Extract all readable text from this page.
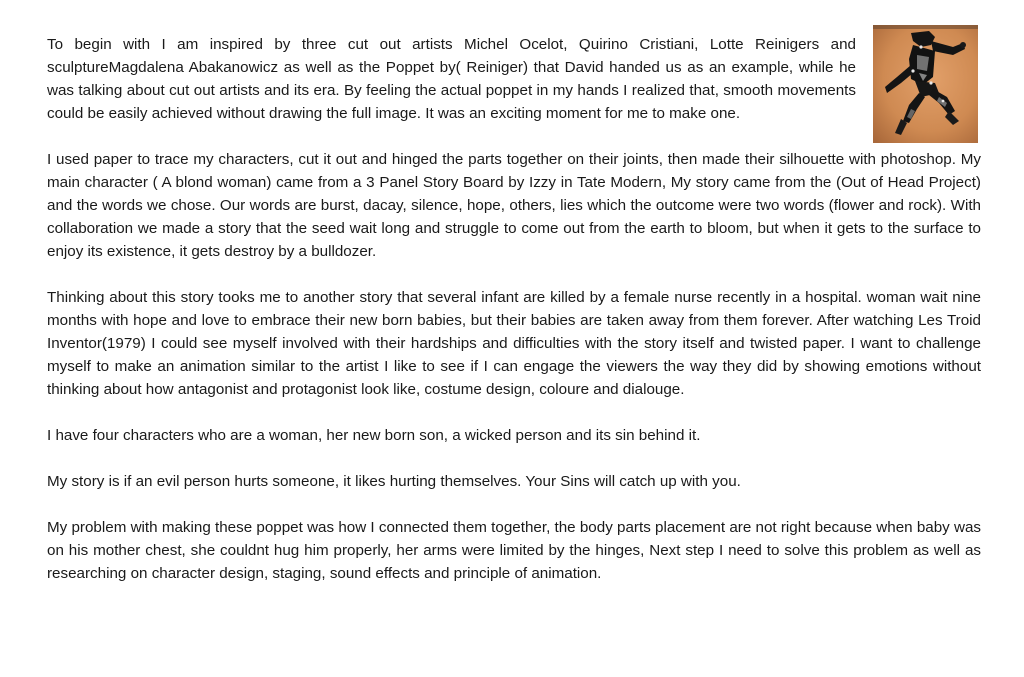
To begin with I am inspired by three cut out artists Michel Ocelot, Quirino Cristiani, Lotte Reinigers and sculptureMagdalena Abakanowicz as well as the Poppet by( Reiniger) that David handed us as an example, while he was talking about cut out artists and its era. By feeling the actual poppet in my hands I realized that, smooth movements could be easily achieved without drawing the full image. It was an exciting moment for me to make one.

I used paper to trace my characters, cut it out and hinged the parts together on their joints, then made their silhouette with photoshop. My main character ( A blond woman) came from a 3 Panel Story Board by Izzy in Tate Modern, My story came from the (Out of Head Project) and the words we chose. Our words are burst, dacay, silence, hope, others, lies which the outcome were two words (flower and rock). With collaboration we made a story that the seed wait long and struggle to come out from the earth to bloom, but when it gets to the surface to enjoy its existence, it gets destroy by a bulldozer.

Thinking about this story tooks me to another story that several infant are killed by a female nurse recently in a hospital. woman wait nine months with hope and love to embrace their new born babies, but their babies are taken away from them forever. After watching Les Troid Inventor(1979) I could see myself involved with their hardships and difficulties with the story itself and twisted paper. I want to challenge myself to make an animation similar to the artist I like to see if I can engage the viewers the way they did by showing emotions without thinking about how antagonist and protagonist look like, costume design, coloure and dialouge.

I have four characters who are a woman, her new born son, a wicked person and its sin behind it.

My story is if an evil person hurts someone, it likes hurting themselves. Your Sins will catch up with you.

My problem with making these poppet was how I connected them together, the body parts placement are not right because when baby was on his mother chest, she couldnt hug him properly, her arms were limited by the hinges, Next step I need to solve this problem as well as researching on character design, staging, sound effects and principle of animation.
